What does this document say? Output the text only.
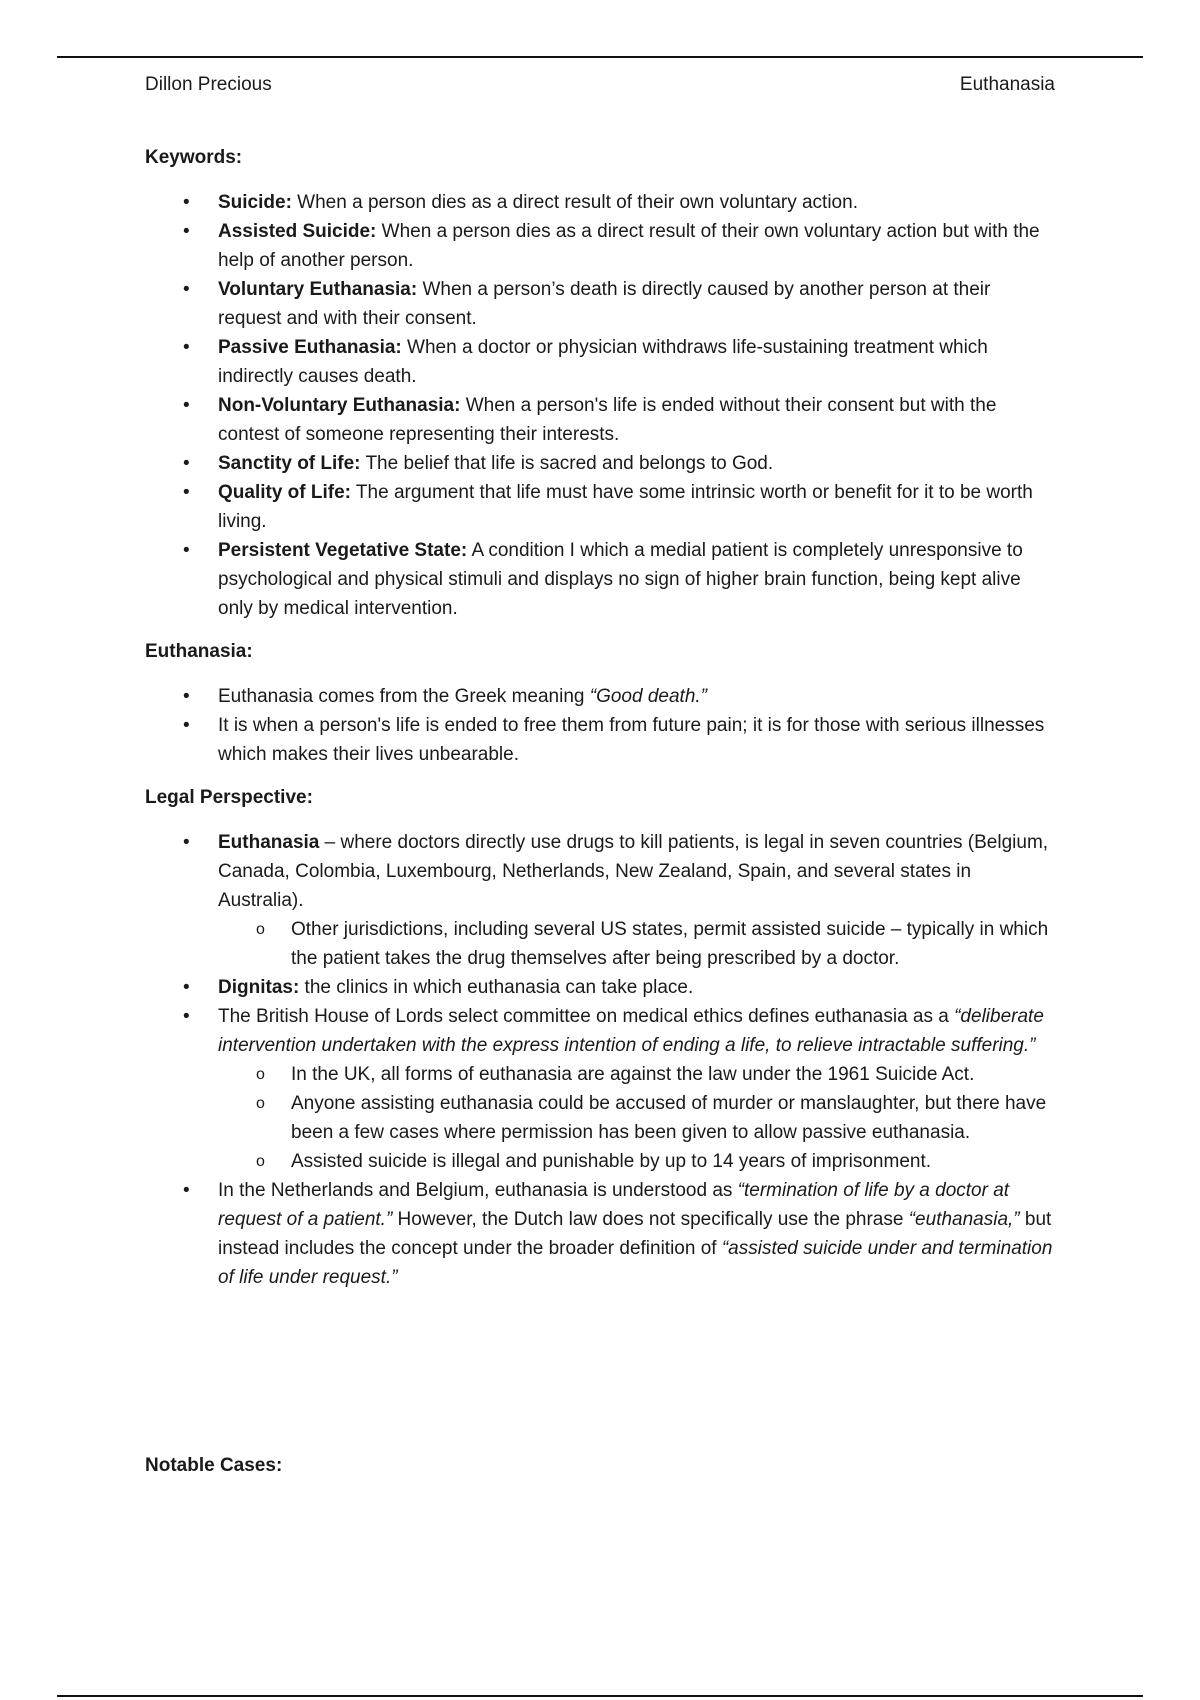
Dillon Precious	Euthanasia
Keywords:
• Suicide: When a person dies as a direct result of their own voluntary action.
• Assisted Suicide: When a person dies as a direct result of their own voluntary action but with the help of another person.
• Voluntary Euthanasia: When a person’s death is directly caused by another person at their request and with their consent.
• Passive Euthanasia: When a doctor or physician withdraws life-sustaining treatment which indirectly causes death.
• Non-Voluntary Euthanasia: When a person's life is ended without their consent but with the contest of someone representing their interests.
• Sanctity of Life: The belief that life is sacred and belongs to God.
• Quality of Life: The argument that life must have some intrinsic worth or benefit for it to be worth living.
• Persistent Vegetative State: A condition I which a medial patient is completely unresponsive to psychological and physical stimuli and displays no sign of higher brain function, being kept alive only by medical intervention.
Euthanasia:
• Euthanasia comes from the Greek meaning “Good death.”
• It is when a person's life is ended to free them from future pain; it is for those with serious illnesses which makes their lives unbearable.
Legal Perspective:
• Euthanasia – where doctors directly use drugs to kill patients, is legal in seven countries (Belgium, Canada, Colombia, Luxembourg, Netherlands, New Zealand, Spain, and several states in Australia).
o Other jurisdictions, including several US states, permit assisted suicide – typically in which the patient takes the drug themselves after being prescribed by a doctor.
• Dignitas: the clinics in which euthanasia can take place.
• The British House of Lords select committee on medical ethics defines euthanasia as a “deliberate intervention undertaken with the express intention of ending a life, to relieve intractable suffering.”
o In the UK, all forms of euthanasia are against the law under the 1961 Suicide Act.
o Anyone assisting euthanasia could be accused of murder or manslaughter, but there have been a few cases where permission has been given to allow passive euthanasia.
o Assisted suicide is illegal and punishable by up to 14 years of imprisonment.
• In the Netherlands and Belgium, euthanasia is understood as “termination of life by a doctor at request of a patient.” However, the Dutch law does not specifically use the phrase “euthanasia,” but instead includes the concept under the broader definition of “assisted suicide under and termination of life under request.”
Notable Cases:
